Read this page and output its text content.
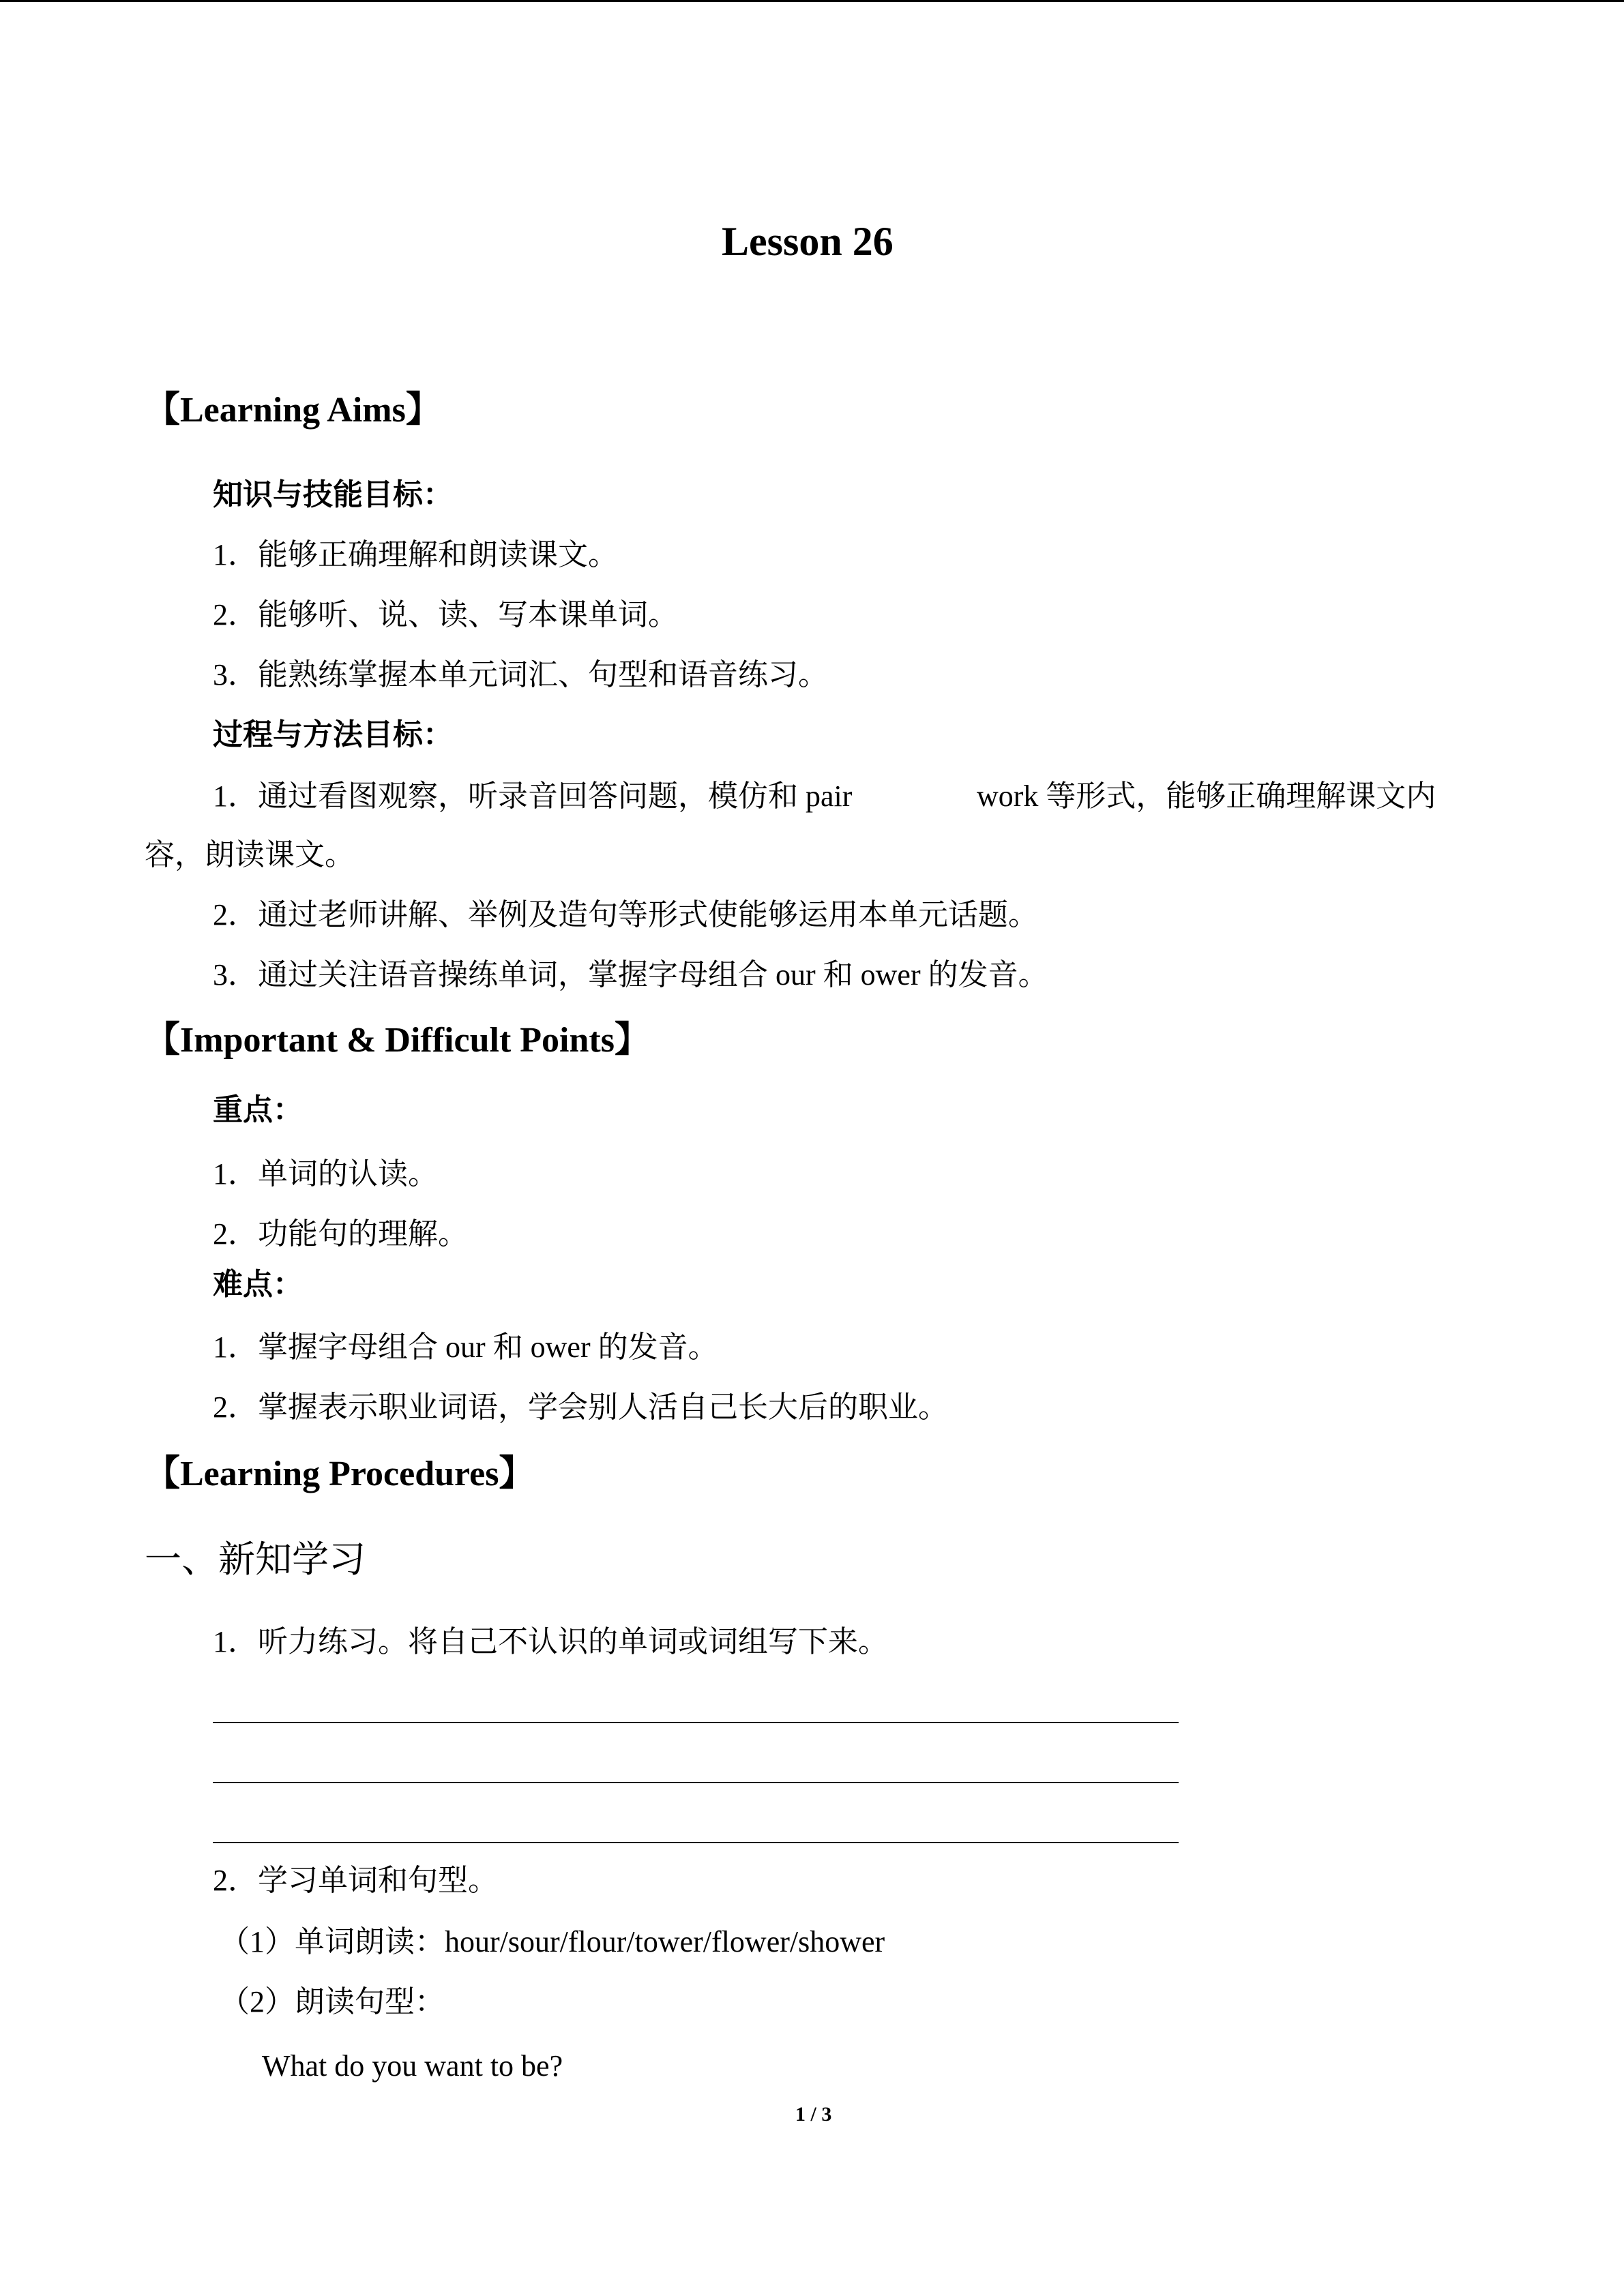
Lesson 26
【Learning Aims】
知识与技能目标：
1．能够正确理解和朗读课文。
2．能够听、说、读、写本课单词。
3．能熟练掌握本单元词汇、句型和语音练习。
过程与方法目标：
1．通过看图观察，听录音回答问题，模仿和 pair	work 等形式，能够正确理解课文内
容，朗读课文。
2．通过老师讲解、举例及造句等形式使能够运用本单元话题。
3．通过关注语音操练单词，掌握字母组合 our 和 ower 的发音。
【Important & Difficult Points】
重点：
1．单词的认读。
2．功能句的理解。
难点：
1．掌握字母组合 our 和 ower 的发音。
2．掌握表示职业词语，学会别人活自己长大后的职业。
【Learning Procedures】
一、新知学习
1．听力练习。将自己不认识的单词或词组写下来。
2．学习单词和句型。
（1）单词朗读：hour/sour/flour/tower/flower/shower
（2）朗读句型：
What do you want to be?
1 / 3
